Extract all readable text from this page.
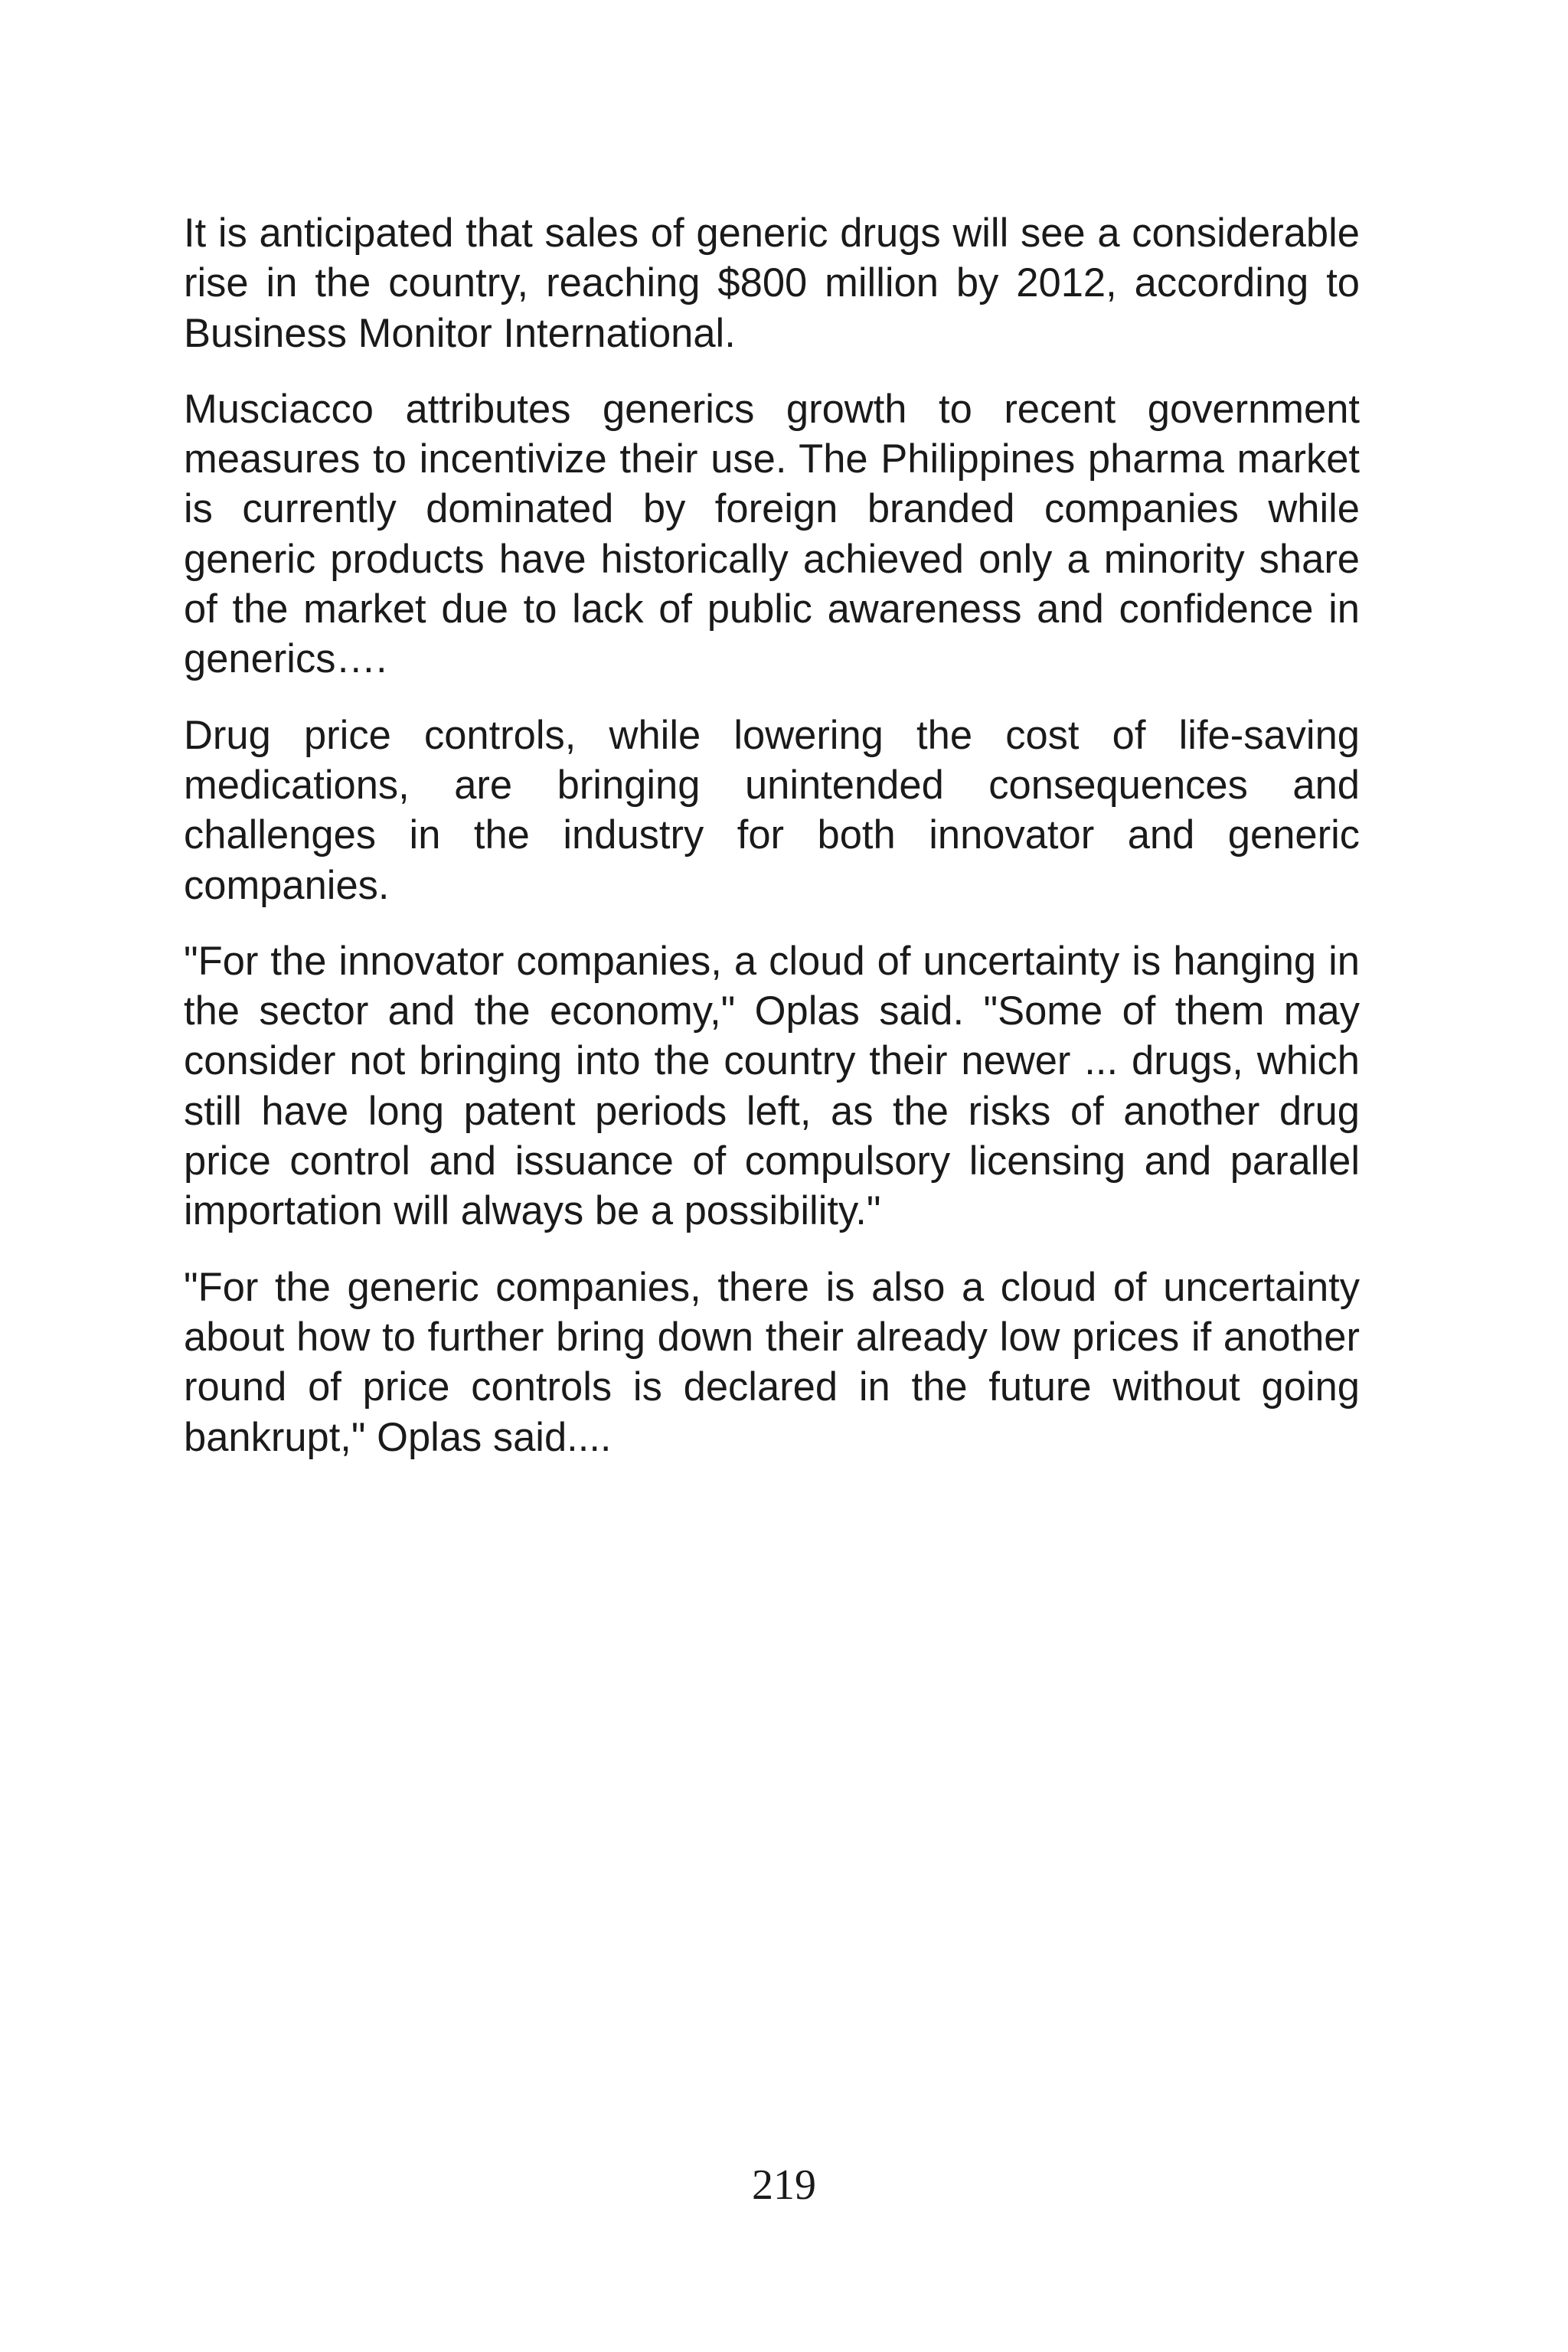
It is anticipated that sales of generic drugs will see a considerable rise in the country, reaching $800 million by 2012, according to Business Monitor International.

Musciacco attributes generics growth to recent government measures to incentivize their use. The Philippines pharma market is currently dominated by foreign branded companies while generic products have historically achieved only a minority share of the market due to lack of public awareness and confidence in generics….

Drug price controls, while lowering the cost of life-saving medications, are bringing unintended consequences and challenges in the industry for both innovator and generic companies.

"For the innovator companies, a cloud of uncertainty is hanging in the sector and the economy," Oplas said. "Some of them may consider not bringing into the country their newer ... drugs, which still have long patent periods left, as the risks of another drug price control and issuance of compulsory licensing and parallel importation will always be a possibility."

"For the generic companies, there is also a cloud of uncertainty about how to further bring down their already low prices if another round of price controls is declared in the future without going bankrupt," Oplas said....

219
